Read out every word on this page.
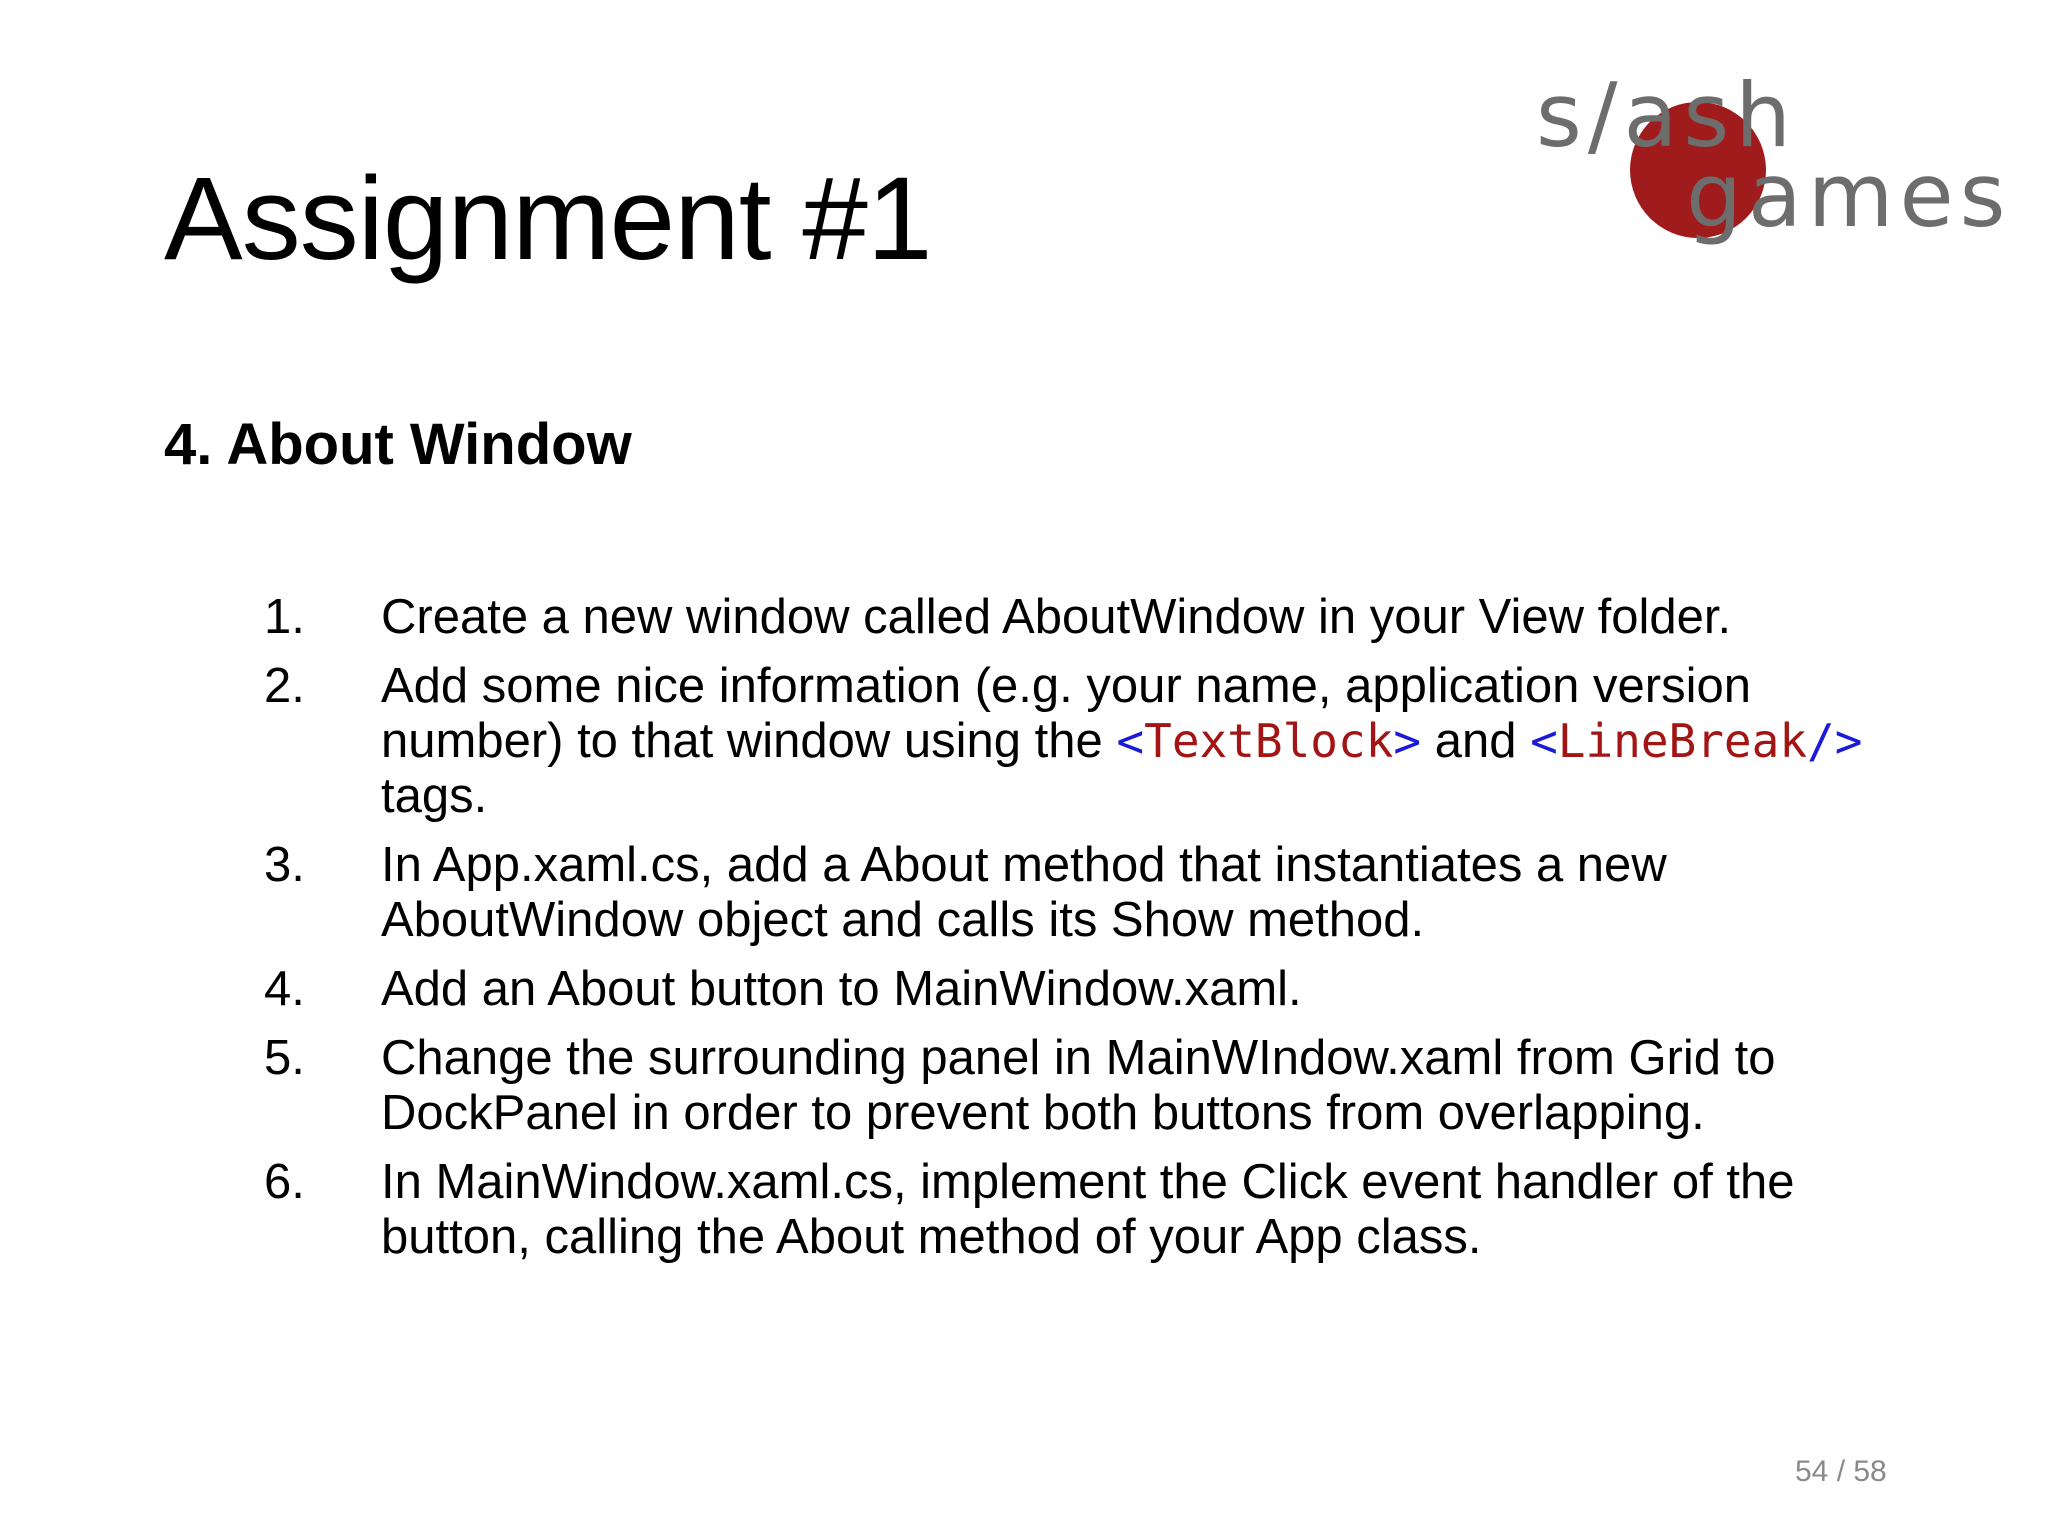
Assignment #1
s/ash
games
4. About Window
1. Create a new window called AboutWindow in your View folder.
2. Add some nice information (e.g. your name, application version number) to that window using the <TextBlock> and <LineBreak/> tags.
3. In App.xaml.cs, add a About method that instantiates a new AboutWindow object and calls its Show method.
4. Add an About button to MainWindow.xaml.
5. Change the surrounding panel in MainWIndow.xaml from Grid to DockPanel in order to prevent both buttons from overlapping.
6. In MainWindow.xaml.cs, implement the Click event handler of the button, calling the About method of your App class.
54 / 58
